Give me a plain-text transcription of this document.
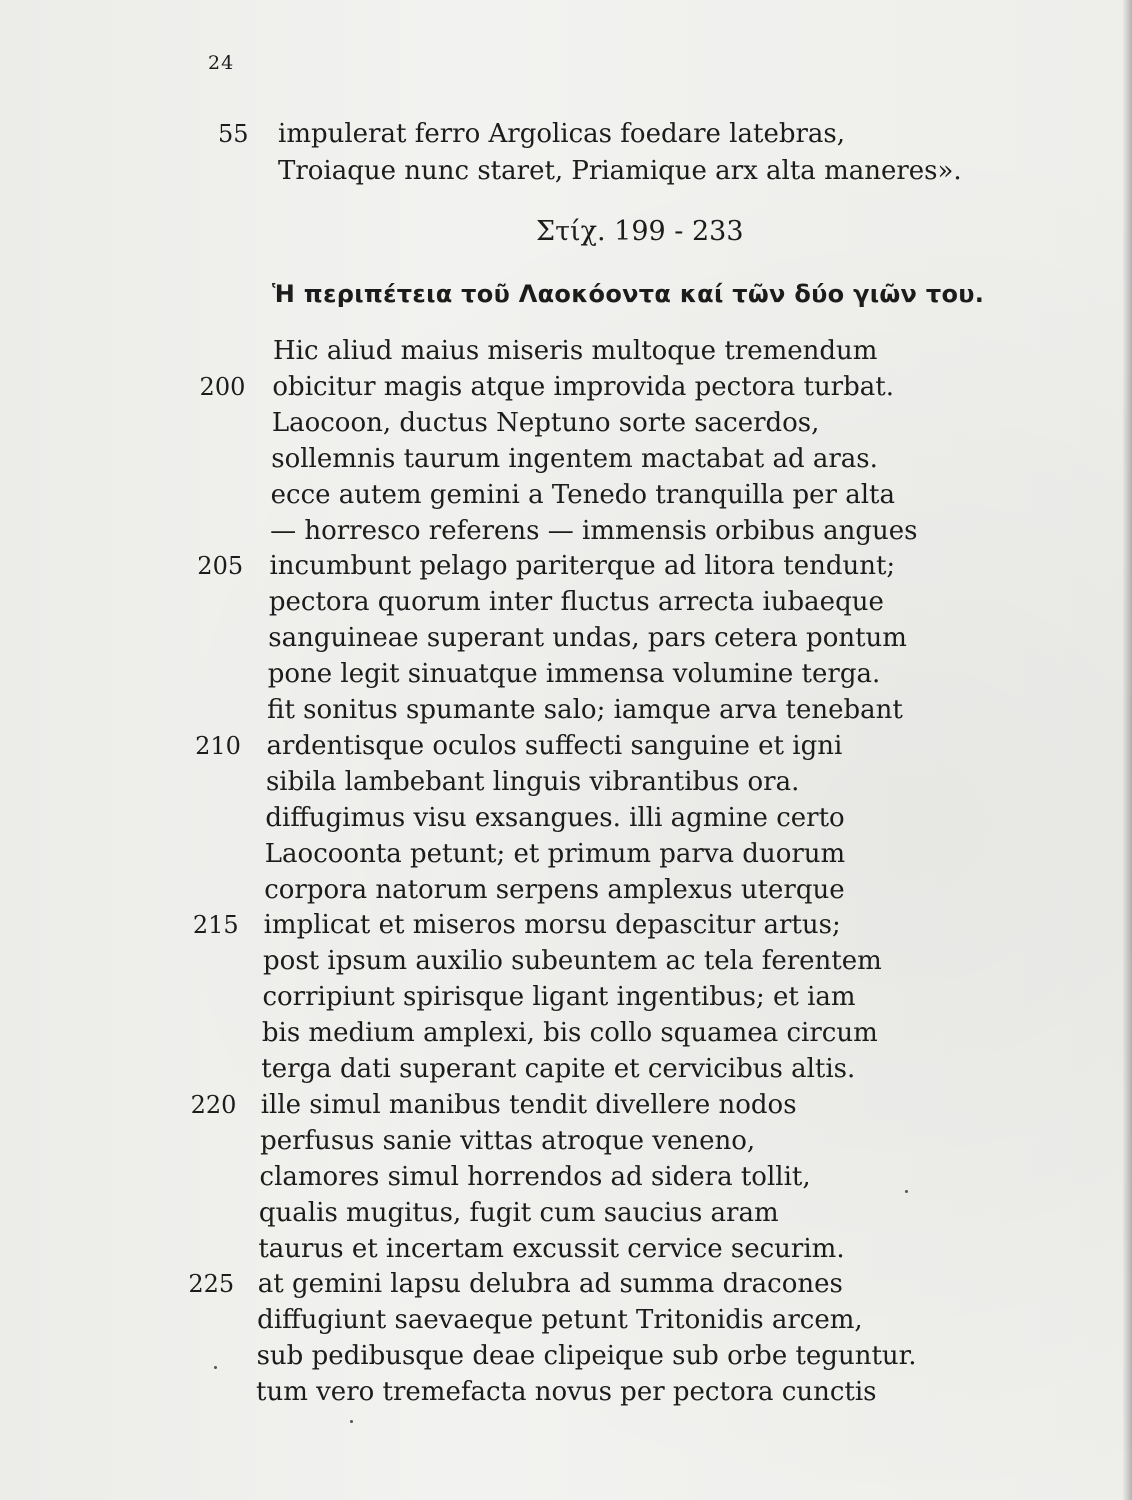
24
55 impulerat ferro Argolicas foedare latebras,
Troiaque nunc staret, Priamique arx alta maneres».
Στίχ. 199 - 233
Ἡ περιπέτεια τοῦ Λαοκόοντα καί τῶν δύο γιῶν του.
Hic aliud maius miseris multoque tremendum
200 obicitur magis atque improvida pectora turbat.
Laocoon, ductus Neptuno sorte sacerdos,
sollemnis taurum ingentem mactabat ad aras.
ecce autem gemini a Tenedo tranquilla per alta
— horresco referens — immensis orbibus angues
205 incumbunt pelago pariterque ad litora tendunt;
pectora quorum inter fluctus arrecta iubaeque
sanguineae superant undas, pars cetera pontum
pone legit sinuatque immensa volumine terga.
fit sonitus spumante salo; iamque arva tenebant
210 ardentisque oculos suffecti sanguine et igni
sibila lambebant linguis vibrantibus ora.
diffugimus visu exsangues. illi agmine certo
Laocoonta petunt; et primum parva duorum
corpora natorum serpens amplexus uterque
215 implicat et miseros morsu depascitur artus;
post ipsum auxilio subeuntem ac tela ferentem
corripiunt spirisque ligant ingentibus; et iam
bis medium amplexi, bis collo squamea circum
terga dati superant capite et cervicibus altis.
220 ille simul manibus tendit divellere nodos
perfusus sanie vittas atroque veneno,
clamores simul horrendos ad sidera tollit,
qualis mugitus, fugit cum saucius aram
taurus et incertam excussit cervice securim.
225 at gemini lapsu delubra ad summa dracones
diffugiunt saevaeque petunt Tritonidis arcem,
sub pedibusque deae clipeique sub orbe teguntur.
tum vero tremefacta novus per pectora cunctis
